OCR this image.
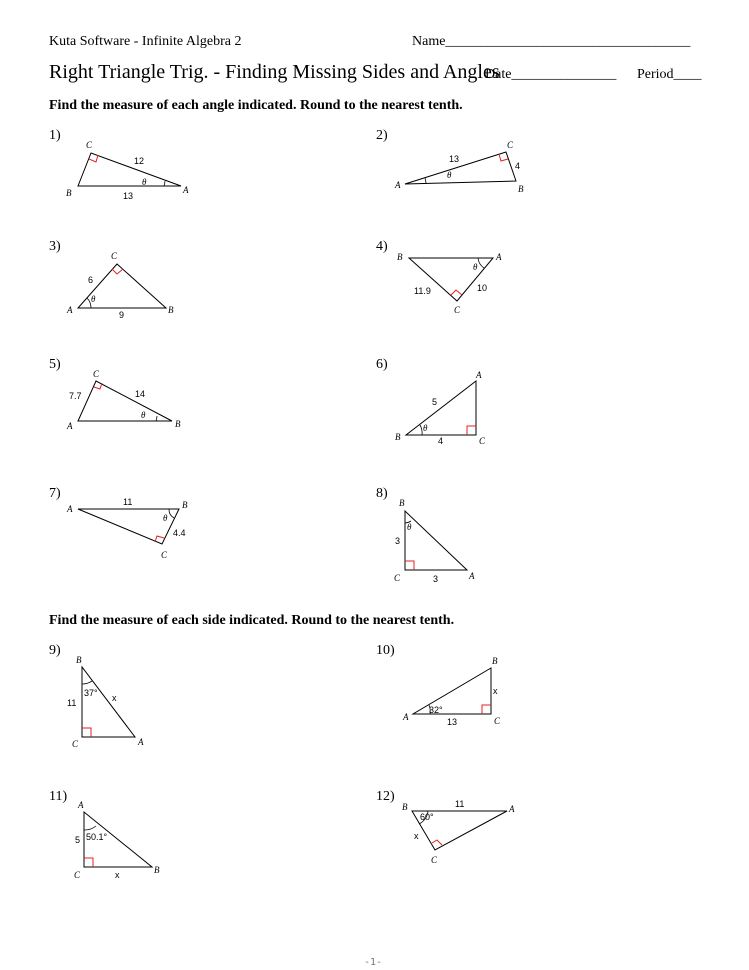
Kuta Software - Infinite Algebra 2	Name___________________________________
Right Triangle Trig. - Finding Missing Sides and Angles
Date_______________ Period____
Find the measure of each angle indicated. Round to the nearest tenth.
Find the measure of each side indicated. Round to the nearest tenth.
1)	2)
3)	4)
5)	6)
7)	8)
9)	10)
11)	12)
C
B	A
12
13
θ
C
A	B
13
4
θ
C
A	B
6
9
θ
B	A
C
11.9	10
θ
C
A	B
7.7	14
θ
A
B	C
5
4
θ
A	B
C
11
4.4
θ
B
C	A
3
3
θ
B
C	A
11	x
37°
B
A	C
13
x
32°
A
C	B
5
x
50.1°
B	A
C
11
x
60°
-1-
